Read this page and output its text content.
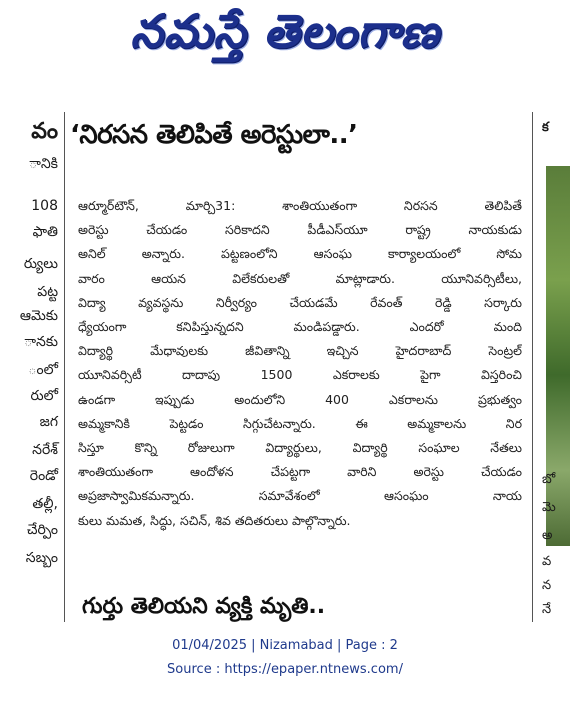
నమస్తే తెలంగాణ
వం
ానికి
108
ఫాతి
ర్యులు
పట్ట
ఆమెకు
ానకు
ంలో
రులో
జగ
నరేశ్
రెండో
తల్లీ,
చేర్పిం
సబ్బం
‘నిరసన తెలిపితే అరెస్టులా..’
ఆర్మూర్‌టౌన్, మార్చి31: శాంతియుతంగా నిరసన తెలిపితే
అరెస్టు చేయడం సరికాదని పీడీఎస్‌యూ రాష్ట్ర నాయకుడు
అనిల్ అన్నారు. పట్టణంలోని ఆసంఘ కార్యాలయంలో సోమ
వారం ఆయన విలేకరులతో మాట్లాడారు. యూనివర్సిటీలు,
విద్యా వ్యవస్థను నిర్వీర్యం చేయడమే రేవంత్ రెడ్డి సర్కారు
ధ్యేయంగా కనిపిస్తున్నదని మండిపడ్డారు. ఎందరో మంది
విద్యార్థి మేధావులకు జీవితాన్ని ఇచ్చిన హైదరాబాద్ సెంట్రల్
యూనివర్సిటీ దాదాపు 1500 ఎకరాలకు పైగా విస్తరించి
ఉండగా ఇప్పుడు అందులోని 400 ఎకరాలను ప్రభుత్వం
అమ్మకానికి పెట్టడం సిగ్గుచేటన్నారు. ఈ అమ్మకాలను నిర
సిస్తూ కొన్ని రోజులుగా విద్యార్థులు, విద్యార్థి సంఘాల నేతలు
శాంతియుతంగా ఆందోళన చేపట్టగా వారిని అరెస్టు చేయడం
అప్రజాస్వామికమన్నారు. సమావేశంలో ఆసంఘం నాయ
కులు మమత, సిద్ధు, సచిన్, శివ తదితరులు పాల్గొన్నారు.
గుర్తు తెలియని వ్యక్తి మృతి..
క
బో
మె
అ
వ
న
నే
01/04/2025 | Nizamabad | Page : 2
Source : https://epaper.ntnews.com/
